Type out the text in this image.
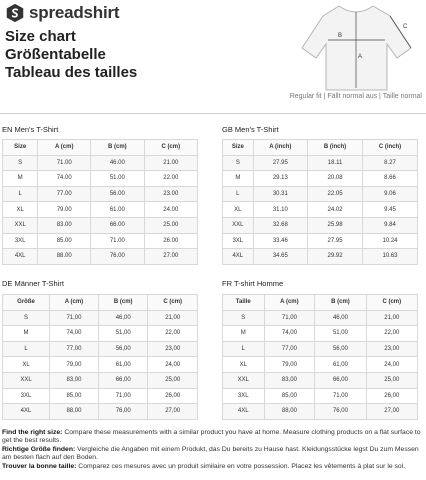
spreadshirt
Size chart
Größentabelle
Tableau des tailles
A
B
C
Regular fit | Fällt normal aus | Taille normal
EN Men's T-Shirt
Size	A (cm)	B (cm)	C (cm)
S	71.00	46.00	21.00
M	74.00	51.00	22.00
L	77.00	56.00	23.00
XL	79.00	61.00	24.00
XXL	83.00	66.00	25.00
3XL	85.00	71.00	26.00
4XL	88.00	76.00	27.00
GB Men's T-Shirt
Size	A (inch)	B (inch)	C (inch)
S	27.95	18.11	8.27
M	29.13	20.08	8.66
L	30.31	22.05	9.06
XL	31.10	24.02	9.45
XXL	32.68	25.98	9.84
3XL	33.46	27.95	10.24
4XL	34.65	29.92	10.63
DE Männer T-Shirt
Größe	A (cm)	B (cm)	C (cm)
S	71,00	46,00	21,00
M	74,00	51,00	22,00
L	77,00	56,00	23,00
XL	79,00	61,00	24,00
XXL	83,00	66,00	25,00
3XL	85,00	71,00	26,00
4XL	88,00	76,00	27,00
FR T-shirt Homme
Taille	A (cm)	B (cm)	C (cm)
S	71,00	46,00	21,00
M	74,00	51,00	22,00
L	77,00	56,00	23,00
XL	79,00	61,00	24,00
XXL	83,00	66,00	25,00
3XL	85,00	71,00	26,00
4XL	88,00	76,00	27,00
Find the right size: Compare these measurements with a similar product you have at home. Measure clothing products on a flat surface to get the best results.
Richtige Größe finden: Vergleiche die Angaben mit einem Produkt, das Du bereits zu Hause hast. Kleidungsstücke legst Du zum Messen am besten flach auf den Boden.
Trouver la bonne taille: Comparez ces mesures avec un produit similaire en votre possession. Placez les vêtements à plat sur le sol.
